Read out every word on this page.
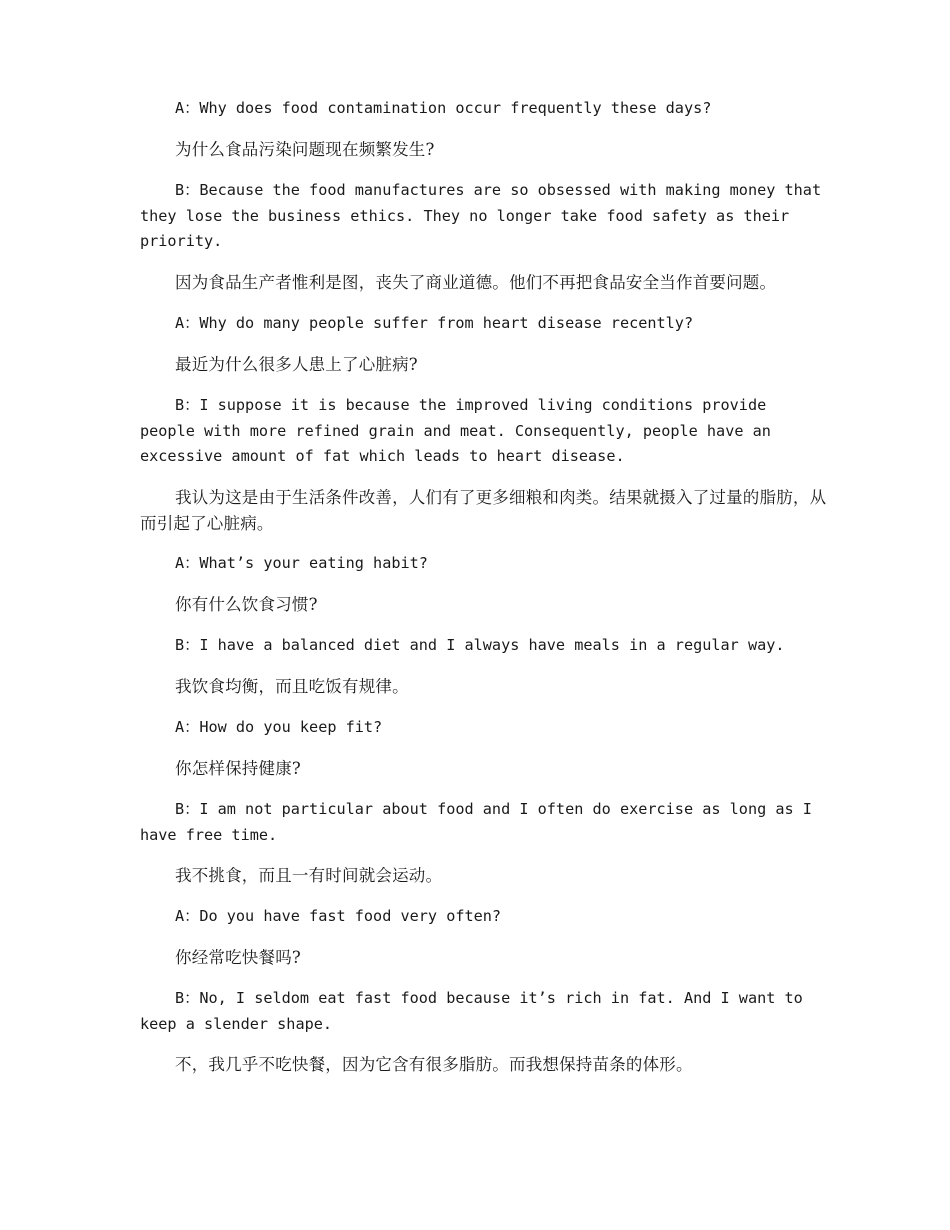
A：Why does food contamination occur frequently these days?

为什么食品污染问题现在频繁发生?

B：Because the food manufactures are so obsessed with making money that they lose the business ethics. They no longer take food safety as their priority.

因为食品生产者惟利是图，丧失了商业道德。他们不再把食品安全当作首要问题。

A：Why do many people suffer from heart disease recently?

最近为什么很多人患上了心脏病?

B：I suppose it is because the improved living conditions provide people with more refined grain and meat. Consequently, people have an excessive amount of fat which leads to heart disease.

我认为这是由于生活条件改善，人们有了更多细粮和肉类。结果就摄入了过量的脂肪，从而引起了心脏病。

A：What’s your eating habit?

你有什么饮食习惯?

B：I have a balanced diet and I always have meals in a regular way.

我饮食均衡，而且吃饭有规律。

A：How do you keep fit?

你怎样保持健康?

B：I am not particular about food and I often do exercise as long as I have free time.

我不挑食，而且一有时间就会运动。

A：Do you have fast food very often?

你经常吃快餐吗?

B：No, I seldom eat fast food because it’s rich in fat. And I want to keep a slender shape.

不，我几乎不吃快餐，因为它含有很多脂肪。而我想保持苗条的体形。
